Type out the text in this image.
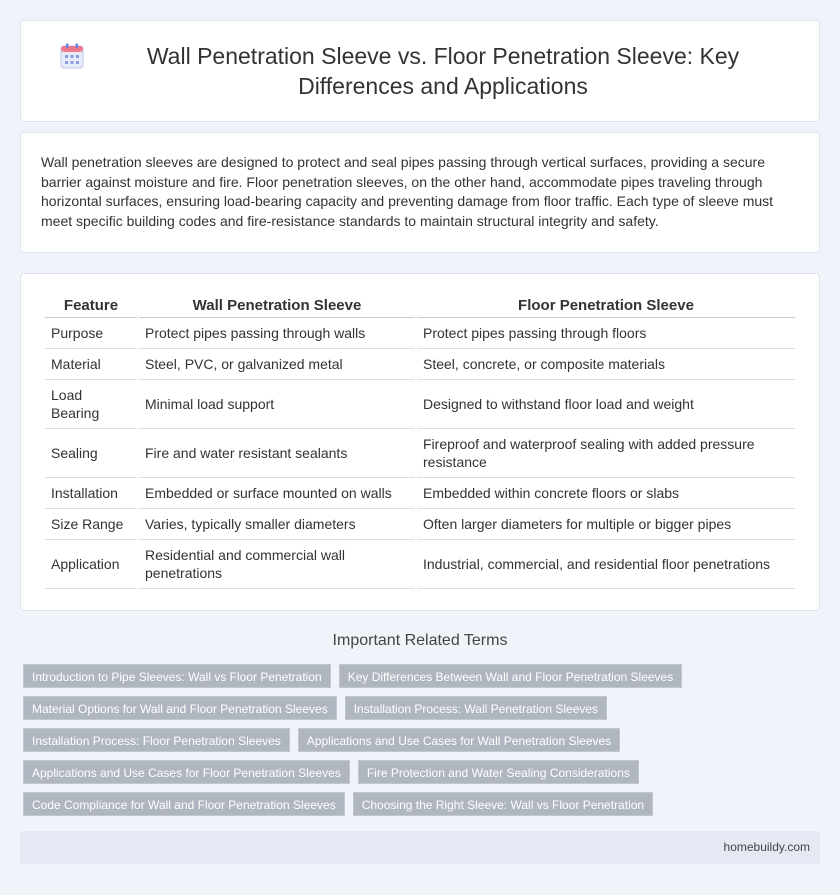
Wall Penetration Sleeve vs. Floor Penetration Sleeve: Key Differences and Applications

Wall penetration sleeves are designed to protect and seal pipes passing through vertical surfaces, providing a secure barrier against moisture and fire. Floor penetration sleeves, on the other hand, accommodate pipes traveling through horizontal surfaces, ensuring load-bearing capacity and preventing damage from floor traffic. Each type of sleeve must meet specific building codes and fire-resistance standards to maintain structural integrity and safety.

Feature	Wall Penetration Sleeve	Floor Penetration Sleeve
Purpose	Protect pipes passing through walls	Protect pipes passing through floors
Material	Steel, PVC, or galvanized metal	Steel, concrete, or composite materials
Load Bearing	Minimal load support	Designed to withstand floor load and weight
Sealing	Fire and water resistant sealants	Fireproof and waterproof sealing with added pressure resistance
Installation	Embedded or surface mounted on walls	Embedded within concrete floors or slabs
Size Range	Varies, typically smaller diameters	Often larger diameters for multiple or bigger pipes
Application	Residential and commercial wall penetrations	Industrial, commercial, and residential floor penetrations
Important Related Terms
Introduction to Pipe Sleeves: Wall vs Floor Penetration	Key Differences Between Wall and Floor Penetration Sleeves
Material Options for Wall and Floor Penetration Sleeves	Installation Process: Wall Penetration Sleeves
Installation Process: Floor Penetration Sleeves	Applications and Use Cases for Wall Penetration Sleeves
Applications and Use Cases for Floor Penetration Sleeves	Fire Protection and Water Sealing Considerations
Code Compliance for Wall and Floor Penetration Sleeves	Choosing the Right Sleeve: Wall vs Floor Penetration
homebuildy.com
